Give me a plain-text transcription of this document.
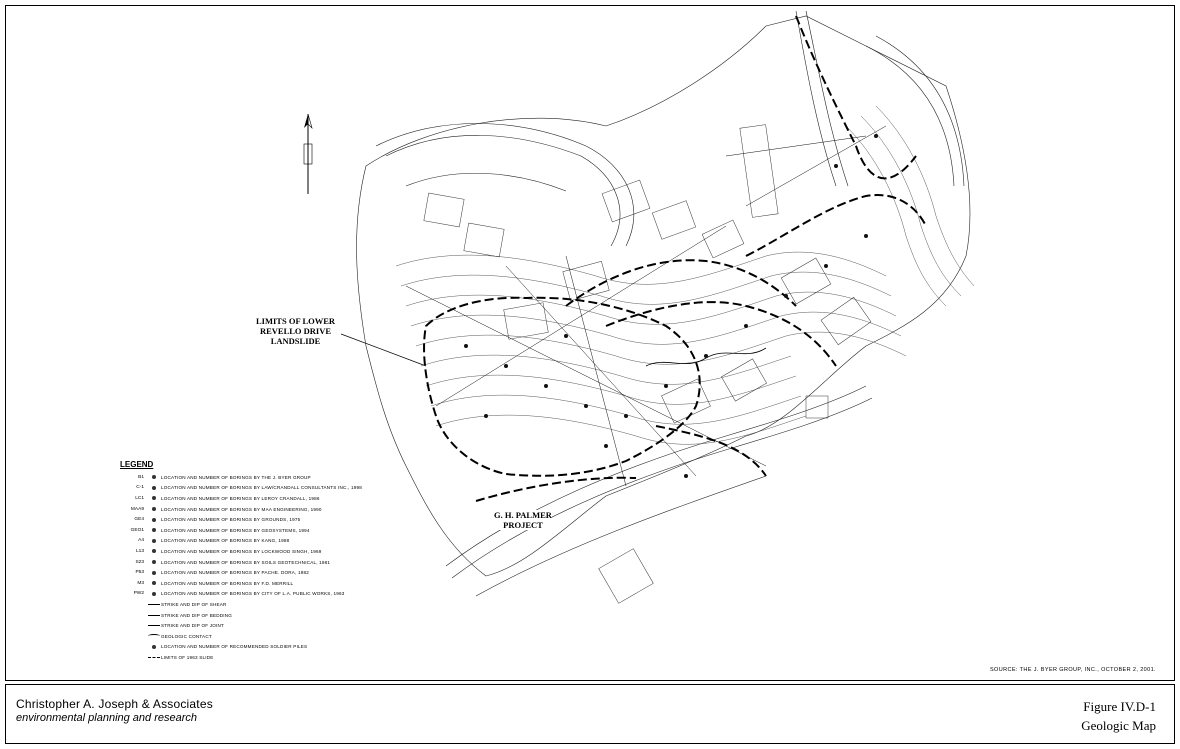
LIMITS OF LOWER
REVELLO DRIVE
LANDSLIDE
G. H. PALMER
PROJECT
LEGEND
B1	LOCATION AND NUMBER OF BORINGS BY THE J. BYER GROUP
C-1	LOCATION AND NUMBER OF BORINGS BY LAW/CRANDALL CONSULTANTS INC., 1998
LC1	LOCATION AND NUMBER OF BORINGS BY LEROY CRANDALL, 1986
MAA9	LOCATION AND NUMBER OF BORINGS BY MAA ENGINEERING, 1990
GE4	LOCATION AND NUMBER OF BORINGS BY GROUNDS, 1975
GEO1	LOCATION AND NUMBER OF BORINGS BY GEOSYSTEMS, 1994
A4	LOCATION AND NUMBER OF BORINGS BY KANG, 1988
L13	LOCATION AND NUMBER OF BORINGS BY LOCKWOOD SINGH, 1969
S23	LOCATION AND NUMBER OF BORINGS BY SOILS GEOTECHNICAL, 1981
P53	LOCATION AND NUMBER OF BORINGS BY PACHE. DORA, 1982
M3	LOCATION AND NUMBER OF BORINGS BY F.D. MERRILL
PW2	LOCATION AND NUMBER OF BORINGS BY CITY OF L.A. PUBLIC WORKS, 1963
STRIKE AND DIP OF SHEAR
STRIKE AND DIP OF BEDDING
STRIKE AND DIP OF JOINT
GEOLOGIC CONTACT
LOCATION AND NUMBER OF RECOMMENDED SOLDIER PILES
LIMITS OF 1963 SLIDE
SOURCE: THE J. BYER GROUP, INC., OCTOBER 2, 2001.
Christopher A. Joseph & Associates
environmental planning and research
Figure IV.D-1
Geologic Map
